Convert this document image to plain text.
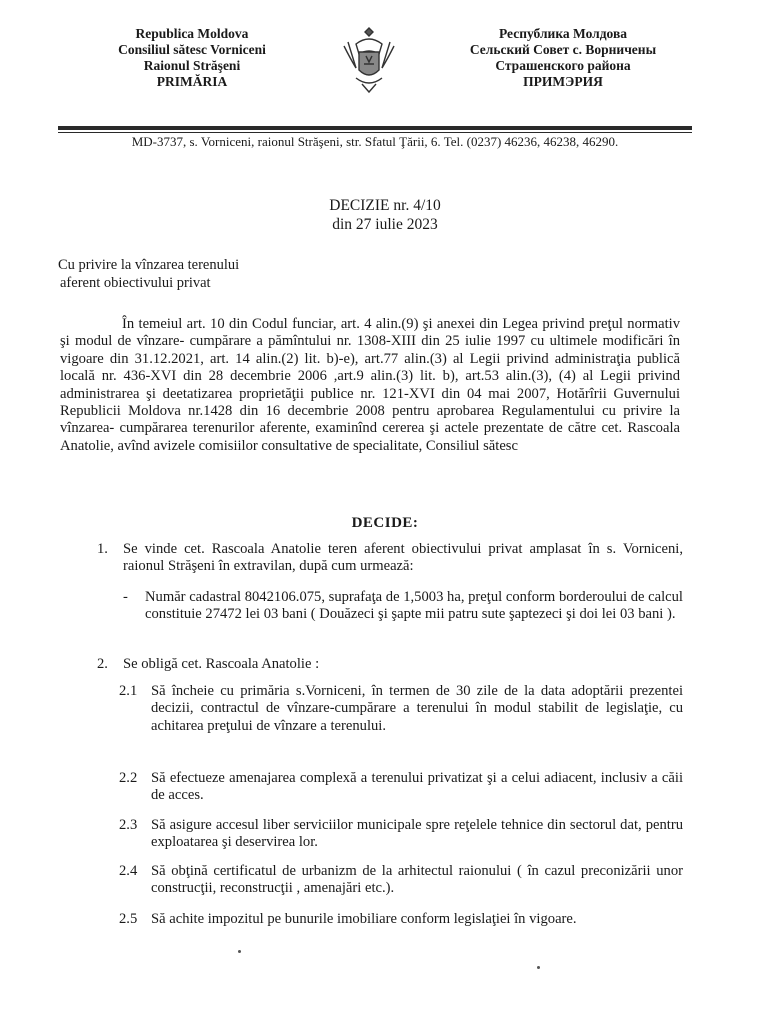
Republica Moldova
Consiliul sătesc Vorniceni
Raionul Străşeni
PRIMĂRIA
Республика Молдова
Сельский Совет с. Ворничены
Страшенского района
ПРИМЭРИЯ
MD-3737, s. Vorniceni, raionul Străşeni, str. Sfatul Ţării, 6. Tel. (0237) 46236, 46238, 46290.
DECIZIE nr. 4/10
din 27 iulie 2023
Cu privire la vînzarea terenului
aferent obiectivului privat

În temeiul art. 10 din Codul funciar, art. 4 alin.(9) şi anexei din Legea privind preţul normativ şi modul de vînzare- cumpărare a pămîntului nr. 1308-XIII din 25 iulie 1997 cu ultimele modificări în vigoare din 31.12.2021, art. 14 alin.(2) lit. b)-e), art.77 alin.(3) al Legii privind administraţia publică locală nr. 436-XVI din 28 decembrie 2006 ,art.9 alin.(3) lit. b), art.53 alin.(3), (4) al Legii privind administrarea şi deetatizarea proprietăţii publice nr. 121-XVI din 04 mai 2007, Hotărîrii Guvernului Republicii Moldova nr.1428 din 16 decembrie 2008 pentru aprobarea Regulamentului cu privire la vînzarea- cumpărarea terenurilor aferente, examinînd cererea şi actele prezentate de către cet. Rascoala Anatolie, avînd avizele comisiilor consultative de specialitate, Consiliul sătesc

DECIDE:
1. Se vinde cet. Rascoala Anatolie teren aferent obiectivului privat amplasat în s. Vorniceni, raionul Străşeni în extravilan, după cum urmează:
- Număr cadastral 8042106.075, suprafaţa de 1,5003 ha, preţul conform borderoului de calcul constituie 27472 lei 03 bani ( Douăzeci şi şapte mii patru sute şaptezeci şi doi lei 03 bani ).
2. Se obligă cet. Rascoala Anatolie :
2.1 Să încheie cu primăria s.Vorniceni, în termen de 30 zile de la data adoptării prezentei decizii, contractul de vînzare-cumpărare a terenului în modul stabilit de legislaţie, cu achitarea preţului de vînzare a terenului.
2.2 Să efectueze amenajarea complexă a terenului privatizat şi a celui adiacent, inclusiv a căii de acces.
2.3 Să asigure accesul liber serviciilor municipale spre reţelele tehnice din sectorul dat, pentru exploatarea şi deservirea lor.
2.4 Să obţină certificatul de urbanizm de la arhitectul raionului ( în cazul preconizării unor construcţii, reconstrucţii , amenajări etc.).
2.5 Să achite impozitul pe bunurile imobiliare conform legislaţiei în vigoare.
